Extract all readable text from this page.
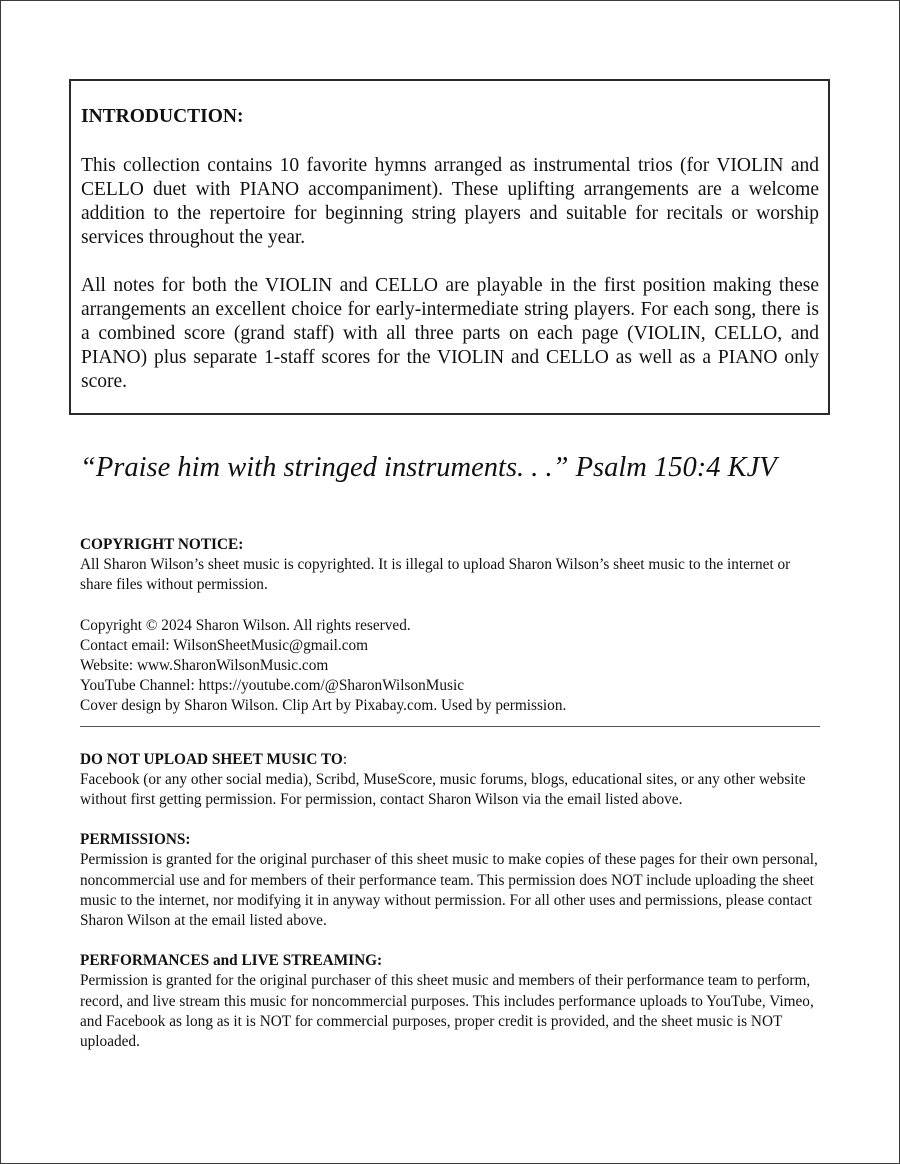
INTRODUCTION:

This collection contains 10 favorite hymns arranged as instrumental trios (for VIOLIN and CELLO duet with PIANO accompaniment). These uplifting arrangements are a welcome addition to the repertoire for beginning string players and suitable for recitals or worship services throughout the year.

All notes for both the VIOLIN and CELLO are playable in the first position making these arrangements an excellent choice for early-intermediate string players. For each song, there is a combined score (grand staff) with all three parts on each page (VIOLIN, CELLO, and PIANO) plus separate 1-staff scores for the VIOLIN and CELLO as well as a PIANO only score.

“Praise him with stringed instruments. . .” Psalm 150:4 KJV

COPYRIGHT NOTICE:

All Sharon Wilson’s sheet music is copyrighted. It is illegal to upload Sharon Wilson’s sheet music to the internet or share files without permission.

Copyright © 2024 Sharon Wilson. All rights reserved.

Contact email: WilsonSheetMusic@gmail.com

Website: www.SharonWilsonMusic.com

YouTube Channel: https://youtube.com/@SharonWilsonMusic

Cover design by Sharon Wilson. Clip Art by Pixabay.com. Used by permission.

DO NOT UPLOAD SHEET MUSIC TO:

Facebook (or any other social media), Scribd, MuseScore, music forums, blogs, educational sites, or any other website without first getting permission. For permission, contact Sharon Wilson via the email listed above.

PERMISSIONS:

Permission is granted for the original purchaser of this sheet music to make copies of these pages for their own personal, noncommercial use and for members of their performance team. This permission does NOT include uploading the sheet music to the internet, nor modifying it in anyway without permission. For all other uses and permissions, please contact Sharon Wilson at the email listed above.

PERFORMANCES and LIVE STREAMING:

Permission is granted for the original purchaser of this sheet music and members of their performance team to perform, record, and live stream this music for noncommercial purposes. This includes performance uploads to YouTube, Vimeo, and Facebook as long as it is NOT for commercial purposes, proper credit is provided, and the sheet music is NOT uploaded.
